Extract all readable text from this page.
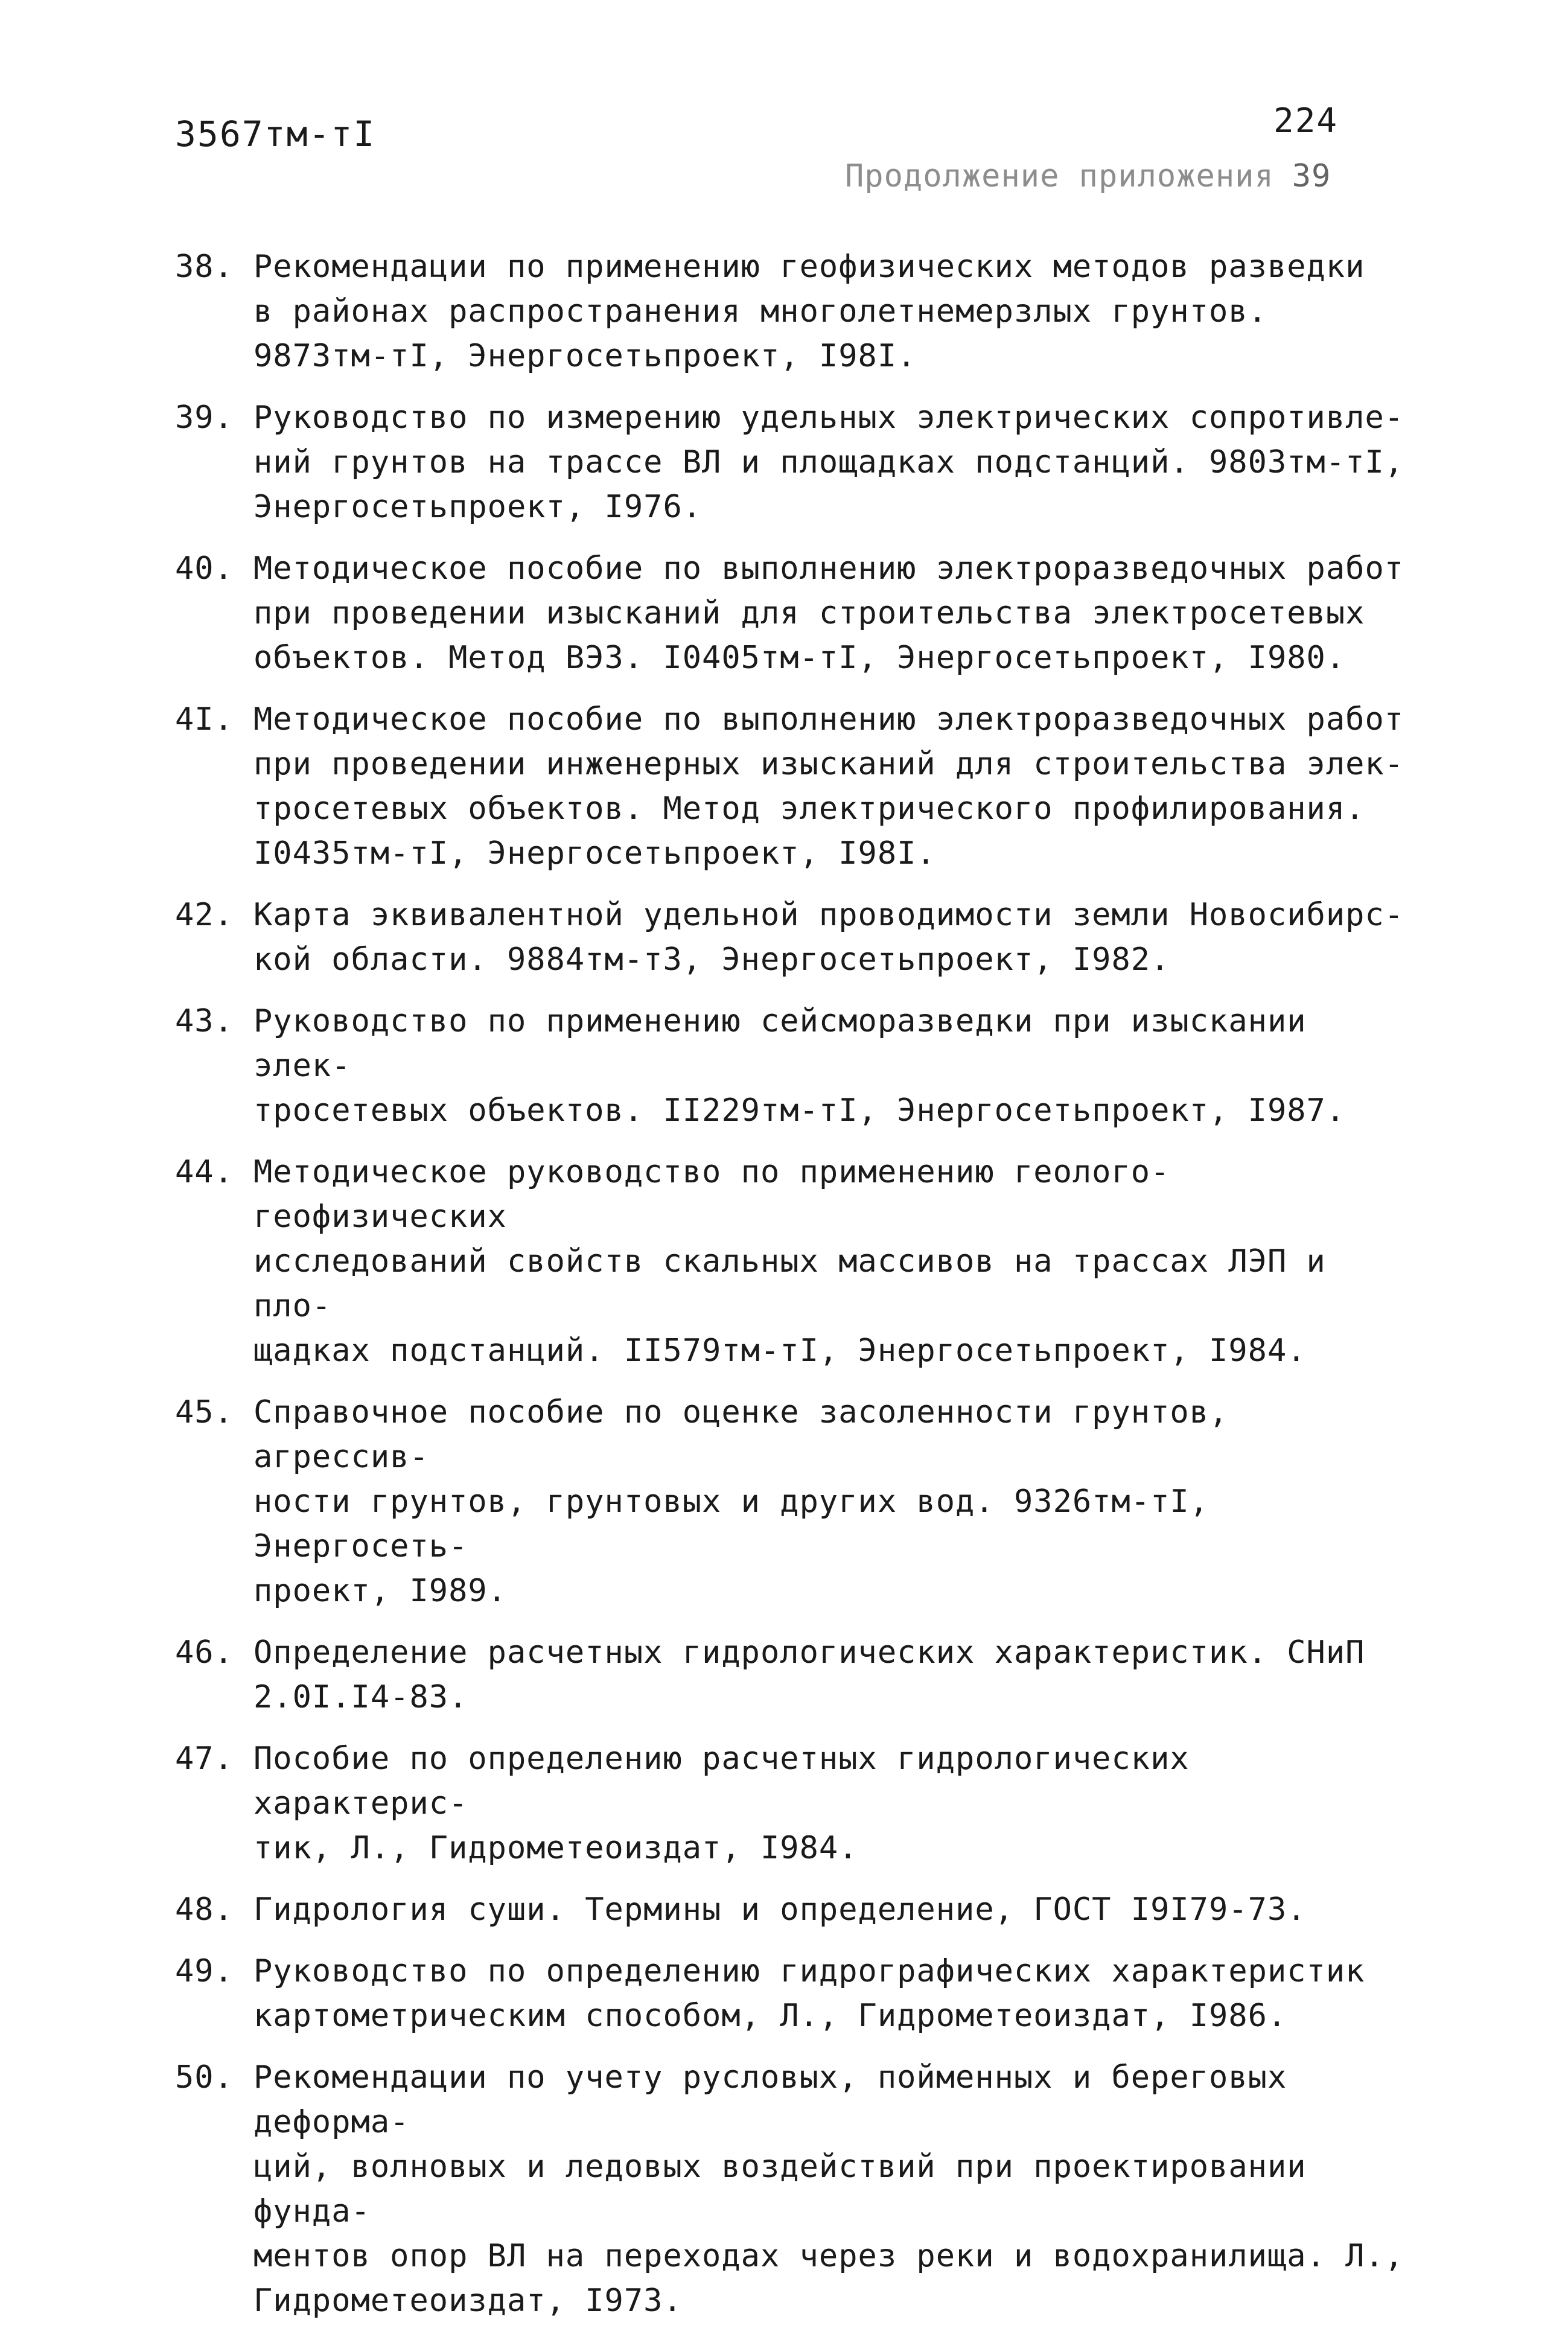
3567тм-тI	224
Продолжение приложения 39
38. Рекомендации по применению геофизических методов разведки
в районах распространения многолетнемерзлых грунтов.
9873тм-тI, Энергосетьпроект, I98I.
39. Руководство по измерению удельных электрических сопротивле-
ний грунтов на трассе ВЛ и площадках подстанций. 9803тм-тI,
Энергосетьпроект, I976.
40. Методическое пособие по выполнению электроразведочных работ
при проведении изысканий для строительства электросетевых
объектов. Метод ВЭЗ. I0405тм-тI, Энергосетьпроект, I980.
4I. Методическое пособие по выполнению электроразведочных работ
при проведении инженерных изысканий для строительства элек-
тросетевых объектов. Метод электрического профилирования.
I0435тм-тI, Энергосетьпроект, I98I.
42. Карта эквивалентной удельной проводимости земли Новосибирс-
кой области. 9884тм-т3, Энергосетьпроект, I982.
43. Руководство по применению сейсморазведки при изыскании элек-
тросетевых объектов. II229тм-тI, Энергосетьпроект, I987.
44. Методическое руководство по применению геолого-геофизических
исследований свойств скальных массивов на трассах ЛЭП и пло-
щадках подстанций. II579тм-тI, Энергосетьпроект, I984.
45. Справочное пособие по оценке засоленности грунтов, агрессив-
ности грунтов, грунтовых и других вод. 9326тм-тI, Энергосеть-
проект, I989.
46. Определение расчетных гидрологических характеристик. СНиП
2.0I.I4-83.
47. Пособие по определению расчетных гидрологических характерис-
тик, Л., Гидрометеоиздат, I984.
48. Гидрология суши. Термины и определение, ГОСТ I9I79-73.
49. Руководство по определению гидрографических характеристик
картометрическим способом, Л., Гидрометеоиздат, I986.
50. Рекомендации по учету русловых, пойменных и береговых деформа-
ций, волновых и ледовых воздействий при проектировании фунда-
ментов опор ВЛ на переходах через реки и водохранилища. Л.,
Гидрометеоиздат, I973.
